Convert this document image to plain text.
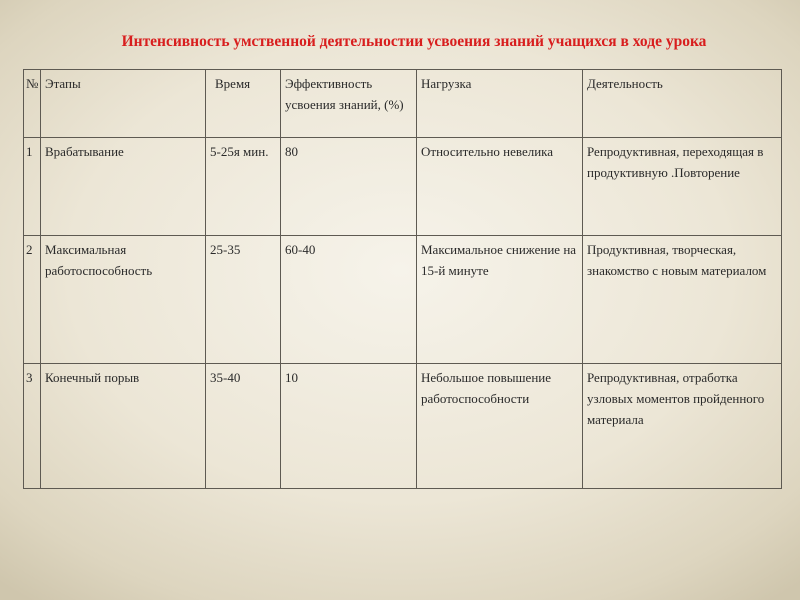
Интенсивность умственной деятельностии усвоения знаний учащихся в ходе урока
№	Этапы	Время	Эффективность усвоения знаний, (%)	Нагрузка	Деятельность
1	Врабатывание	5-25я мин.	80	Относительно невелика	Репродуктивная, переходящая в продуктивную .Повторение
2	Максимальная работоспособность	25-35	60-40	Максимальное снижение на 15-й минуте	Продуктивная, творческая, знакомство с новым материалом
3	Конечный порыв	35-40	10	Небольшое повышение работоспособности	Репродуктивная, отработка узловых моментов пройденного материала
